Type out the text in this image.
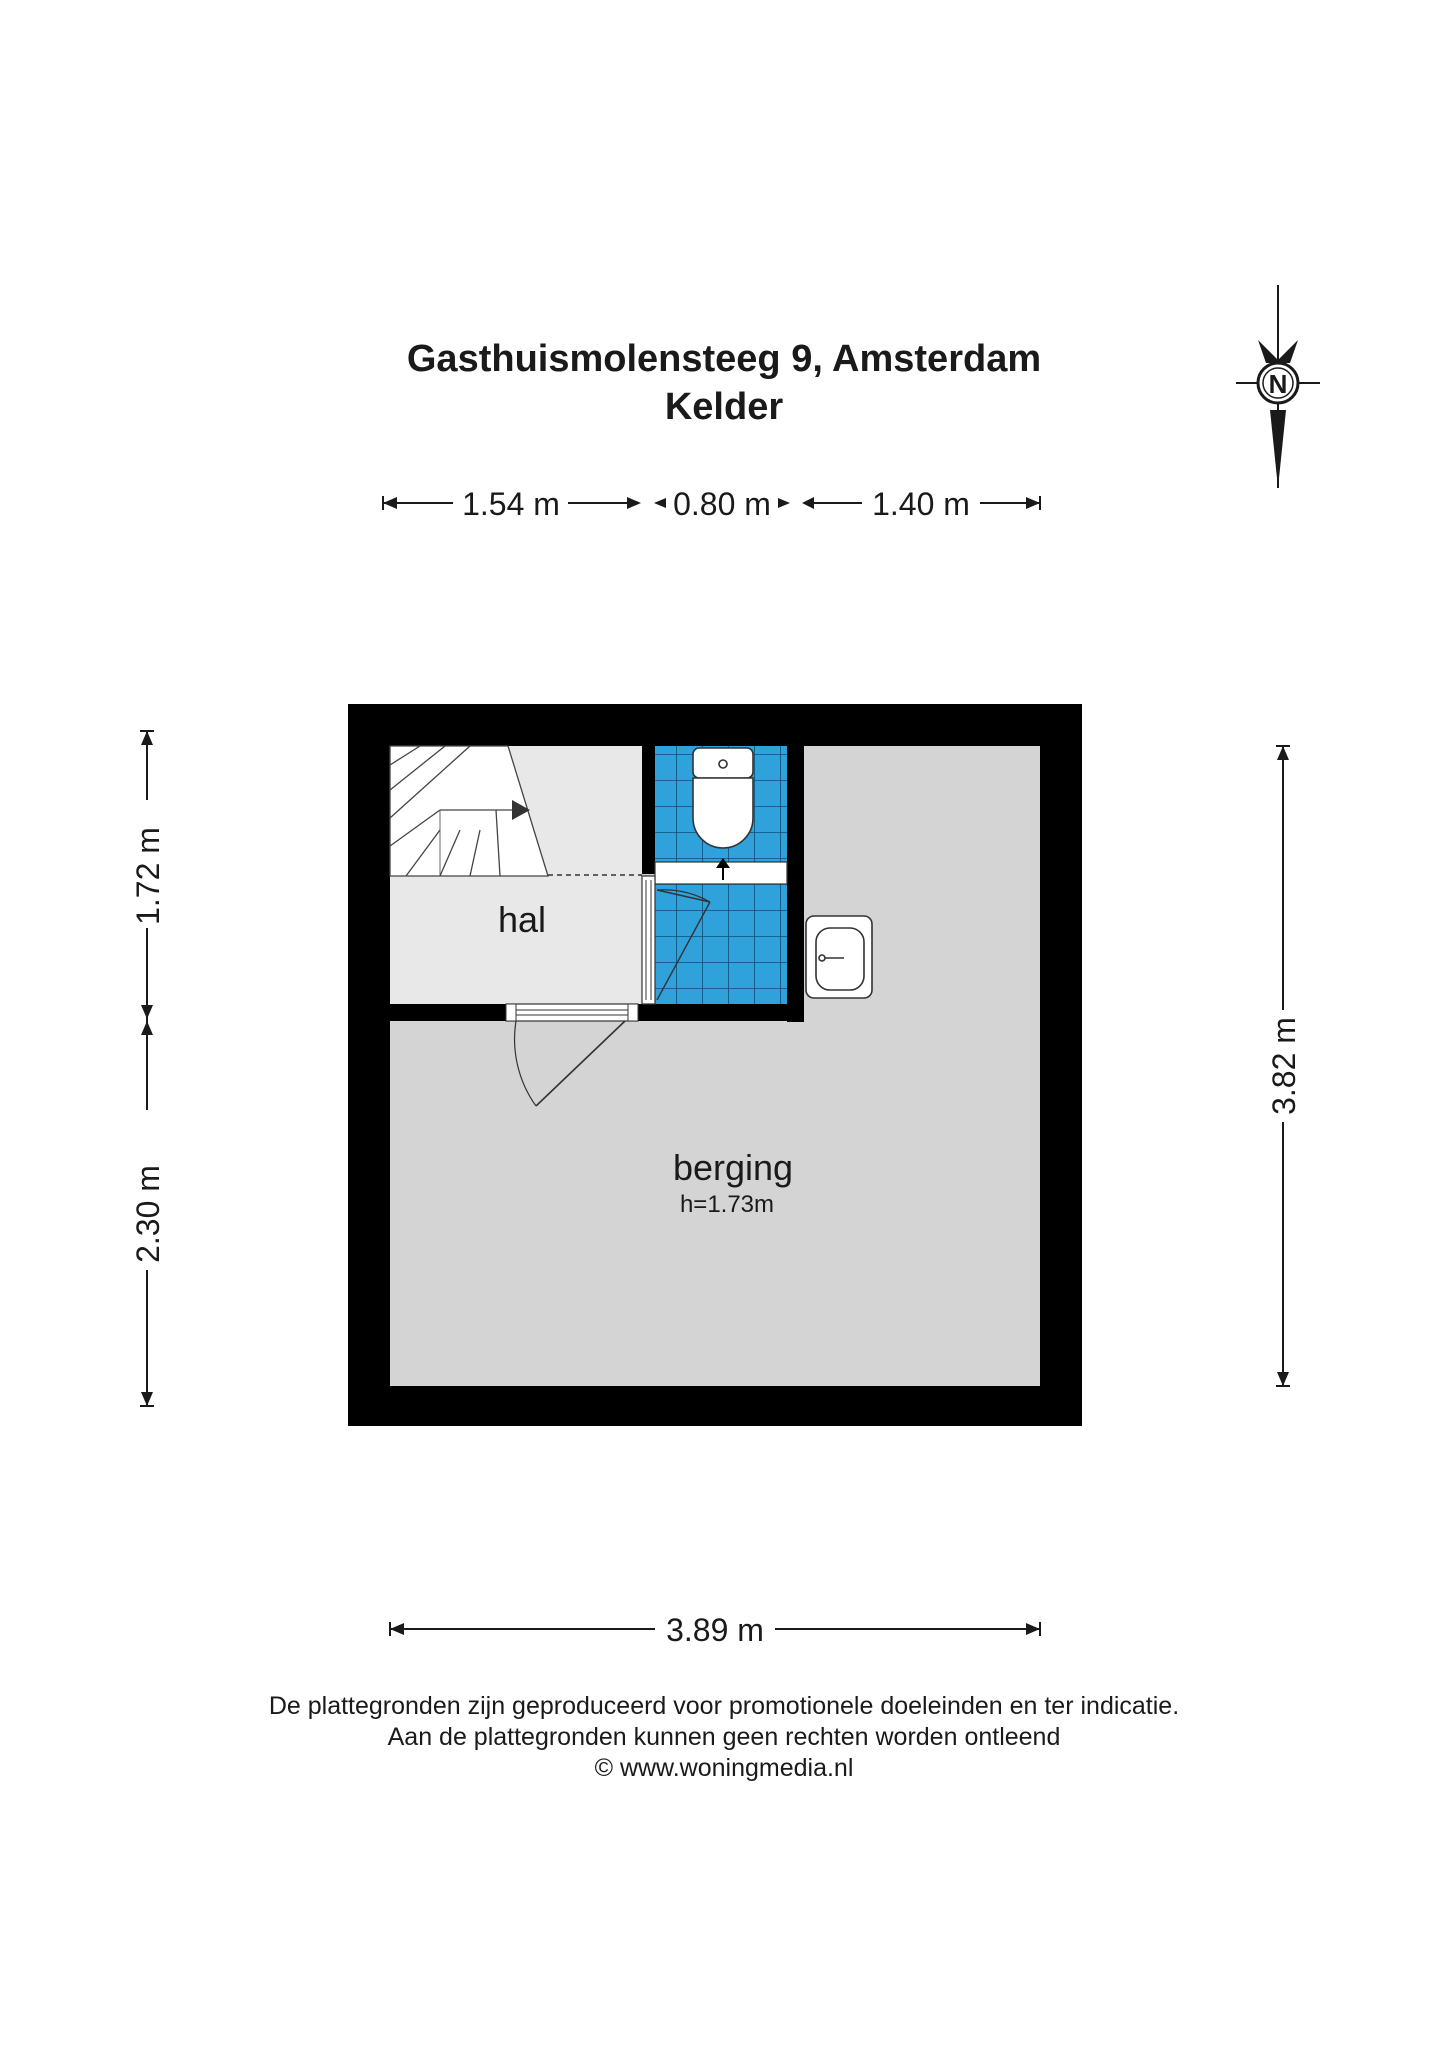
Gasthuismolensteeg 9, Amsterdam
Kelder
hal
berging
h=1.73m
1.54 m	0.80 m	1.40 m
1.72 m
2.30 m
3.82 m
3.89 m
N
De plattegronden zijn geproduceerd voor promotionele doeleinden en ter indicatie.
Aan de plattegronden kunnen geen rechten worden ontleend
© www.woningmedia.nl
